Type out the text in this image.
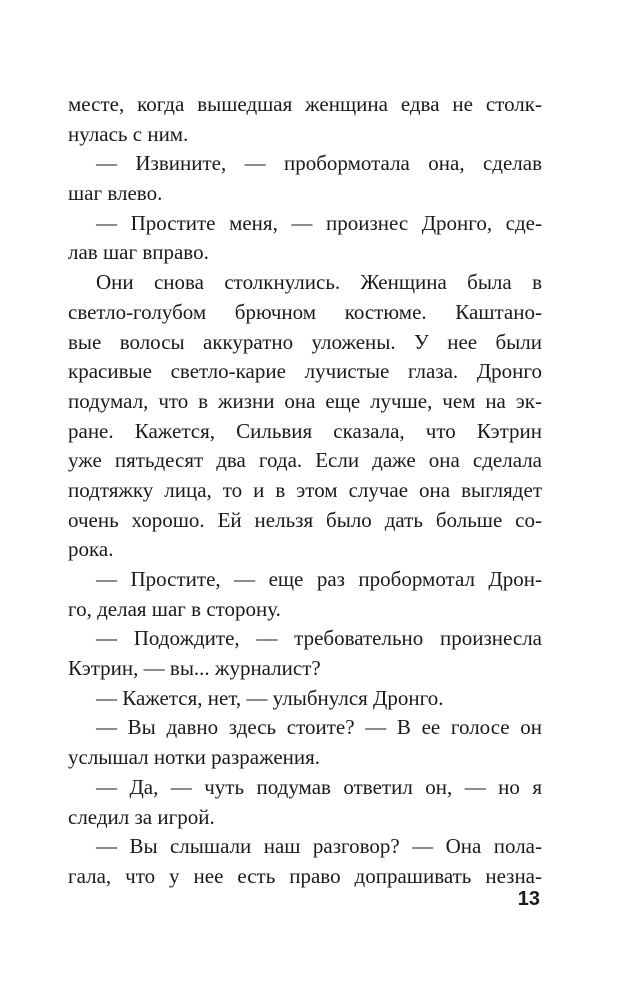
месте, когда вышедшая женщина едва не столк-
нулась с ним.
— Извините, — пробормотала она, сделав
шаг влево.
— Простите меня, — произнес Дронго, сде-
лав шаг вправо.
Они снова столкнулись. Женщина была в
светло-голубом брючном костюме. Каштано-
вые волосы аккуратно уложены. У нее были
красивые светло-карие лучистые глаза. Дронго
подумал, что в жизни она еще лучше, чем на эк-
ране. Кажется, Сильвия сказала, что Кэтрин
уже пятьдесят два года. Если даже она сделала
подтяжку лица, то и в этом случае она выглядет
очень хорошо. Ей нельзя было дать больше со-
рока.
— Простите, — еще раз пробормотал Дрон-
го, делая шаг в сторону.
— Подождите, — требовательно произнесла
Кэтрин, — вы... журналист?
— Кажется, нет, — улыбнулся Дронго.
— Вы давно здесь стоите? — В ее голосе он
услышал нотки разражения.
— Да, — чуть подумав ответил он, — но я
следил за игрой.
— Вы слышали наш разговор? — Она пола-
гала, что у нее есть право допрашивать незна-
13
